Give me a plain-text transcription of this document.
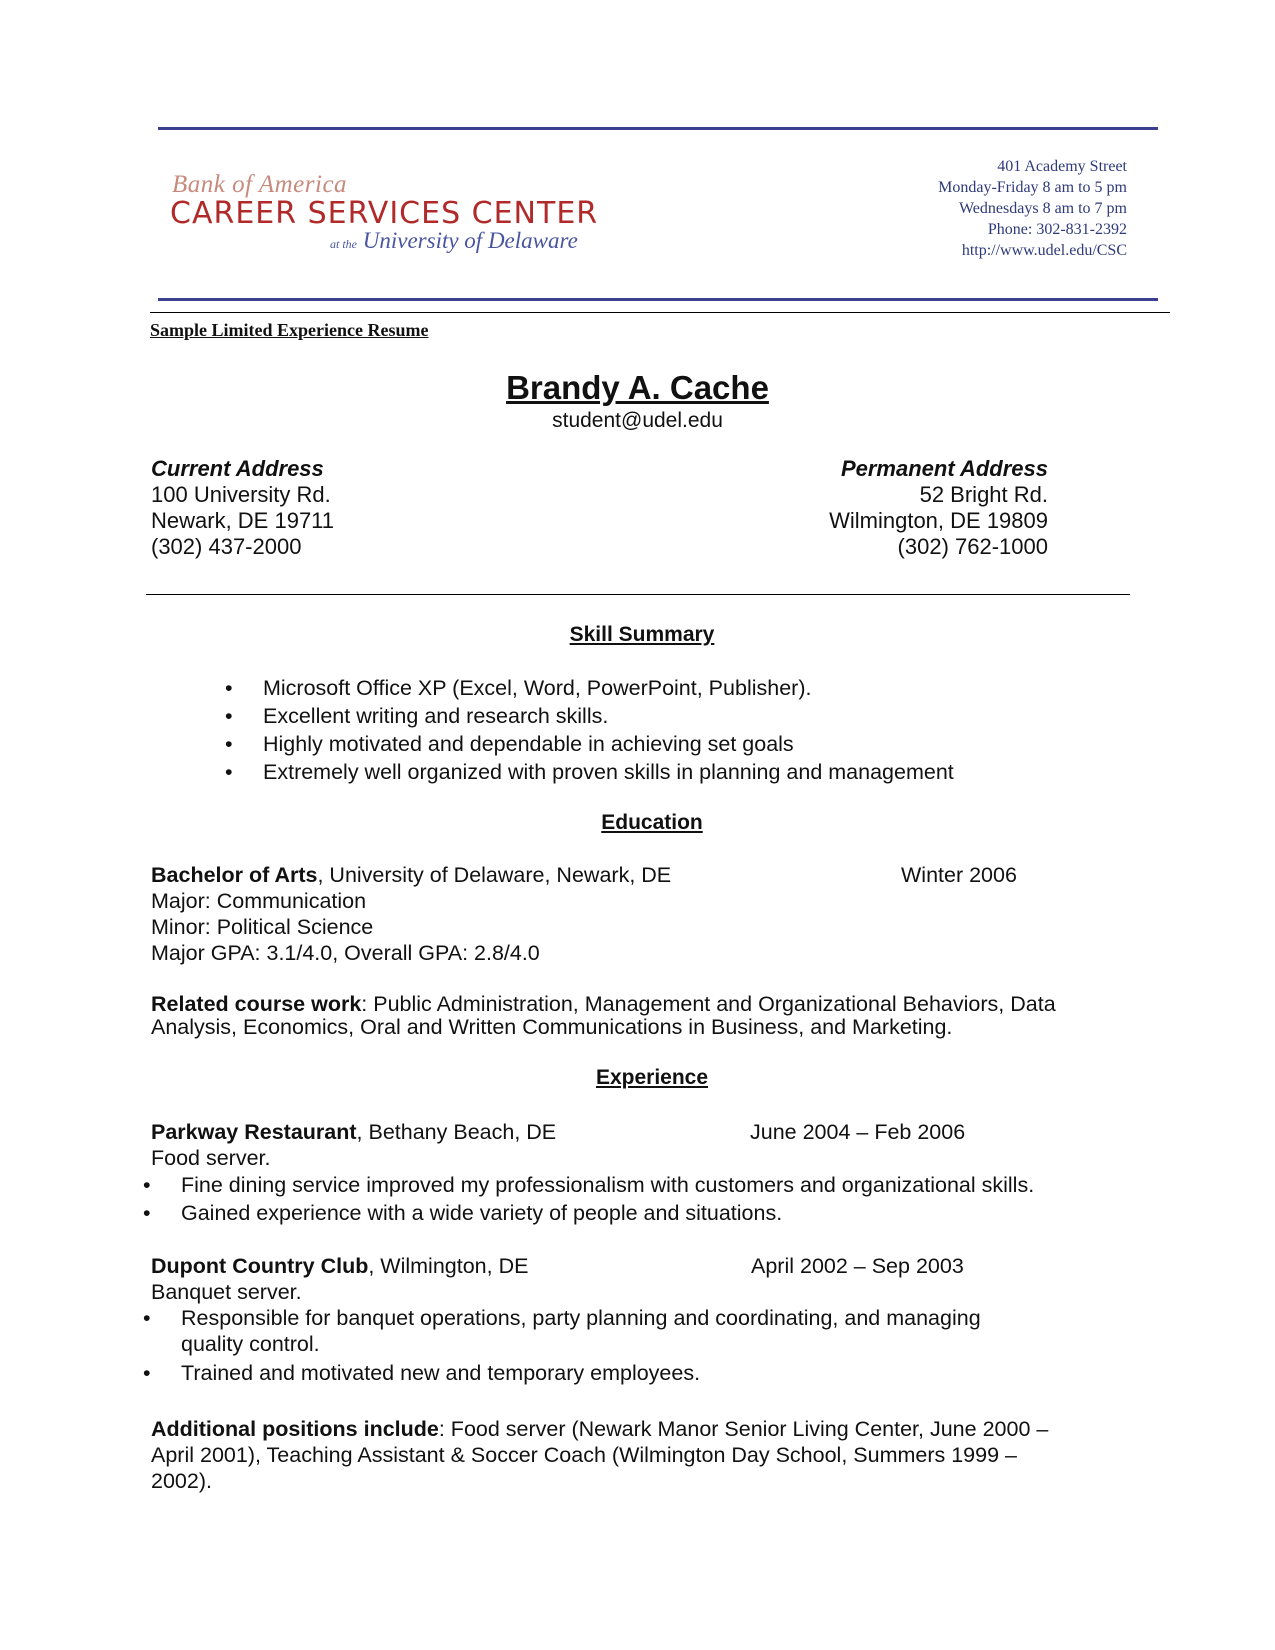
Bank of America
CAREER SERVICES CENTER
at the University of Delaware
401 Academy Street
Monday-Friday 8 am to 5 pm
Wednesdays 8 am to 7 pm
Phone: 302-831-2392
http://www.udel.edu/CSC
Sample Limited Experience Resume
Brandy A. Cache
student@udel.edu
Current Address
100 University Rd.
Newark, DE 19711
(302) 437-2000
Permanent Address
52 Bright Rd.
Wilmington, DE 19809
(302) 762-1000
Skill Summary
• Microsoft Office XP (Excel, Word, PowerPoint, Publisher).
• Excellent writing and research skills.
• Highly motivated and dependable in achieving set goals
• Extremely well organized with proven skills in planning and management
Education
Bachelor of Arts, University of Delaware, Newark, DE	Winter 2006
Major: Communication
Minor: Political Science
Major GPA: 3.1/4.0, Overall GPA: 2.8/4.0
Related course work: Public Administration, Management and Organizational Behaviors, Data
Analysis, Economics, Oral and Written Communications in Business, and Marketing.
Experience
Parkway Restaurant, Bethany Beach, DE	June 2004 – Feb 2006
Food server.
• Fine dining service improved my professionalism with customers and organizational skills.
• Gained experience with a wide variety of people and situations.
Dupont Country Club, Wilmington, DE	April 2002 – Sep 2003
Banquet server.
• Responsible for banquet operations, party planning and coordinating, and managing quality control.
• Trained and motivated new and temporary employees.
Additional positions include: Food server (Newark Manor Senior Living Center, June 2000 –
April 2001), Teaching Assistant & Soccer Coach (Wilmington Day School, Summers 1999 –
2002).
